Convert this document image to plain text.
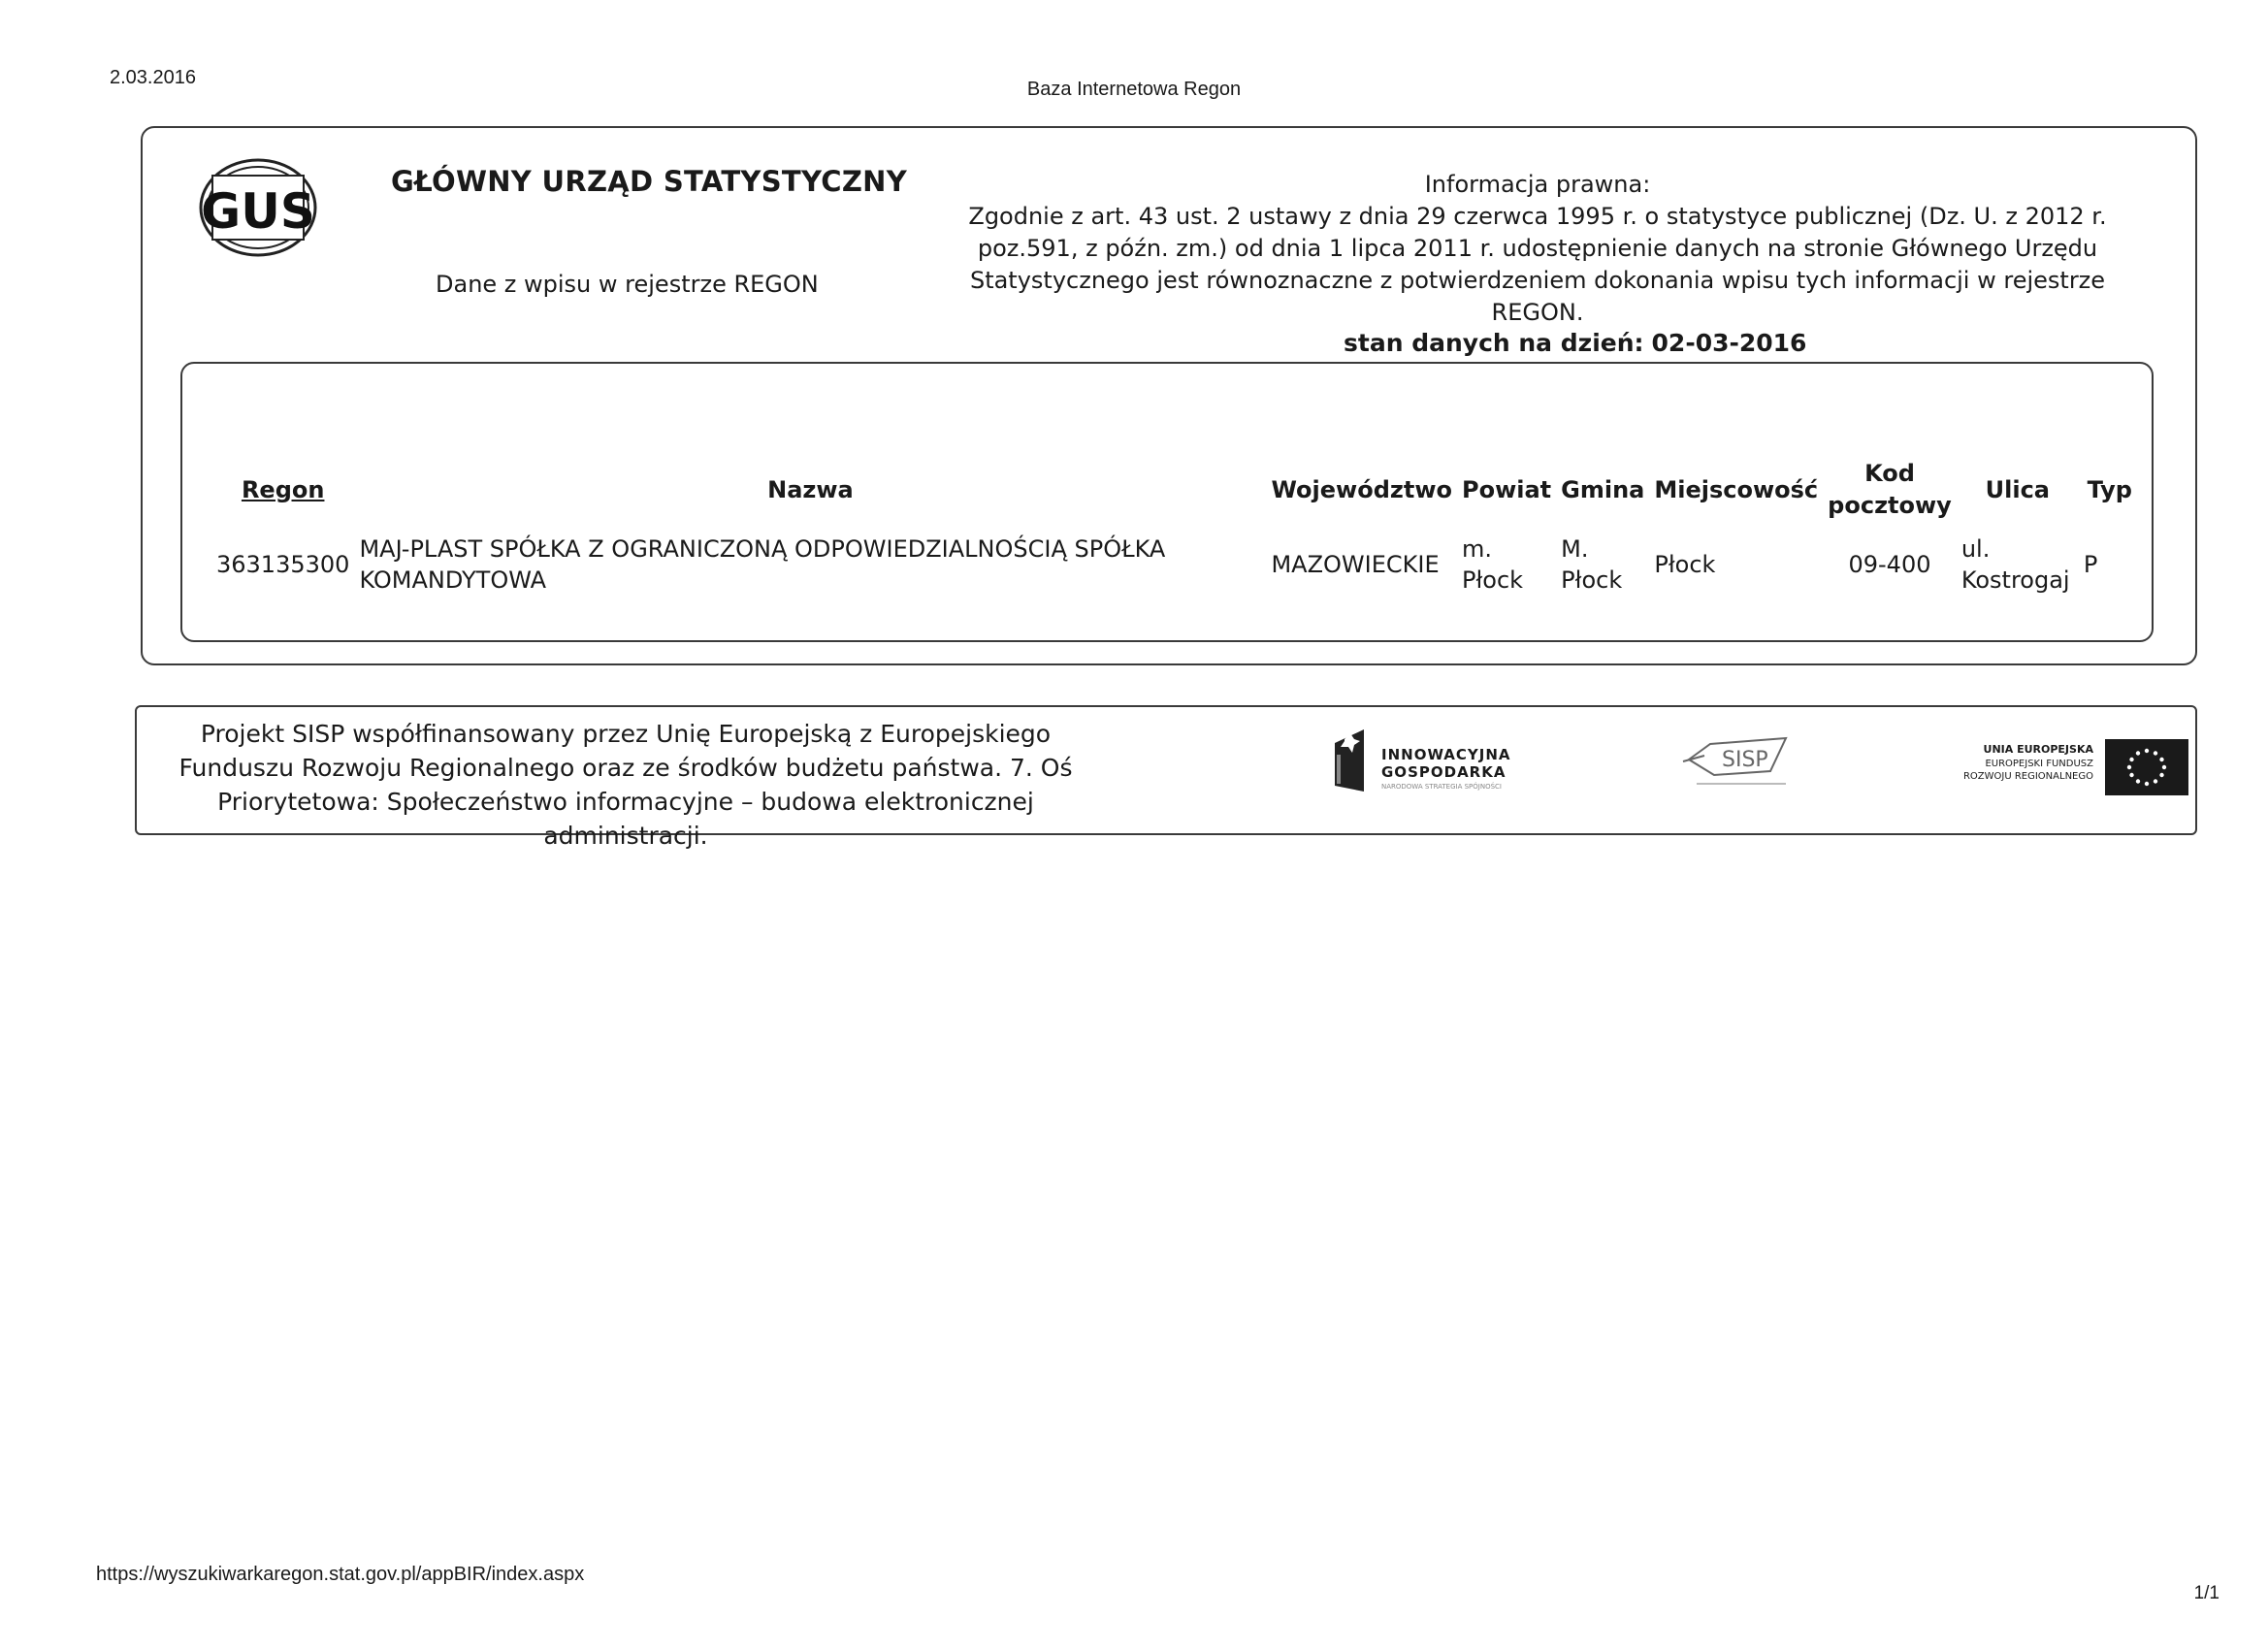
2.03.2016
Baza Internetowa Regon
GUS
GŁÓWNY URZĄD STATYSTYCZNY
Dane z wpisu w rejestrze REGON
Informacja prawna:
Zgodnie z art. 43 ust. 2 ustawy z dnia 29 czerwca 1995 r. o statystyce publicznej (Dz. U. z 2012 r. poz.591, z późn. zm.) od dnia 1 lipca 2011 r. udostępnienie danych na stronie Głównego Urzędu Statystycznego jest równoznaczne z potwierdzeniem dokonania wpisu tych informacji w rejestrze REGON.
stan danych na dzień: 02-03-2016
Regon	Nazwa	Województwo	Powiat	Gmina	Miejscowość	Kod pocztowy	Ulica	Typ
363135300	MAJ-PLAST SPÓŁKA Z OGRANICZONĄ ODPOWIEDZIALNOŚCIĄ SPÓŁKA KOMANDYTOWA	MAZOWIECKIE	m. Płock	M. Płock	Płock	09-400	ul. Kostrogaj	P
Projekt SISP współfinansowany przez Unię Europejską z Europejskiego Funduszu Rozwoju Regionalnego oraz ze środków budżetu państwa. 7. Oś Priorytetowa: Społeczeństwo informacyjne – budowa elektronicznej administracji.
INNOWACYJNA
GOSPODARKA
NARODOWA STRATEGIA SPÓJNOŚCI
SISP	UNIA EUROPEJSKA
EUROPEJSKI FUNDUSZ
ROZWOJU REGIONALNEGO
https://wyszukiwarkaregon.stat.gov.pl/appBIR/index.aspx
1/1
